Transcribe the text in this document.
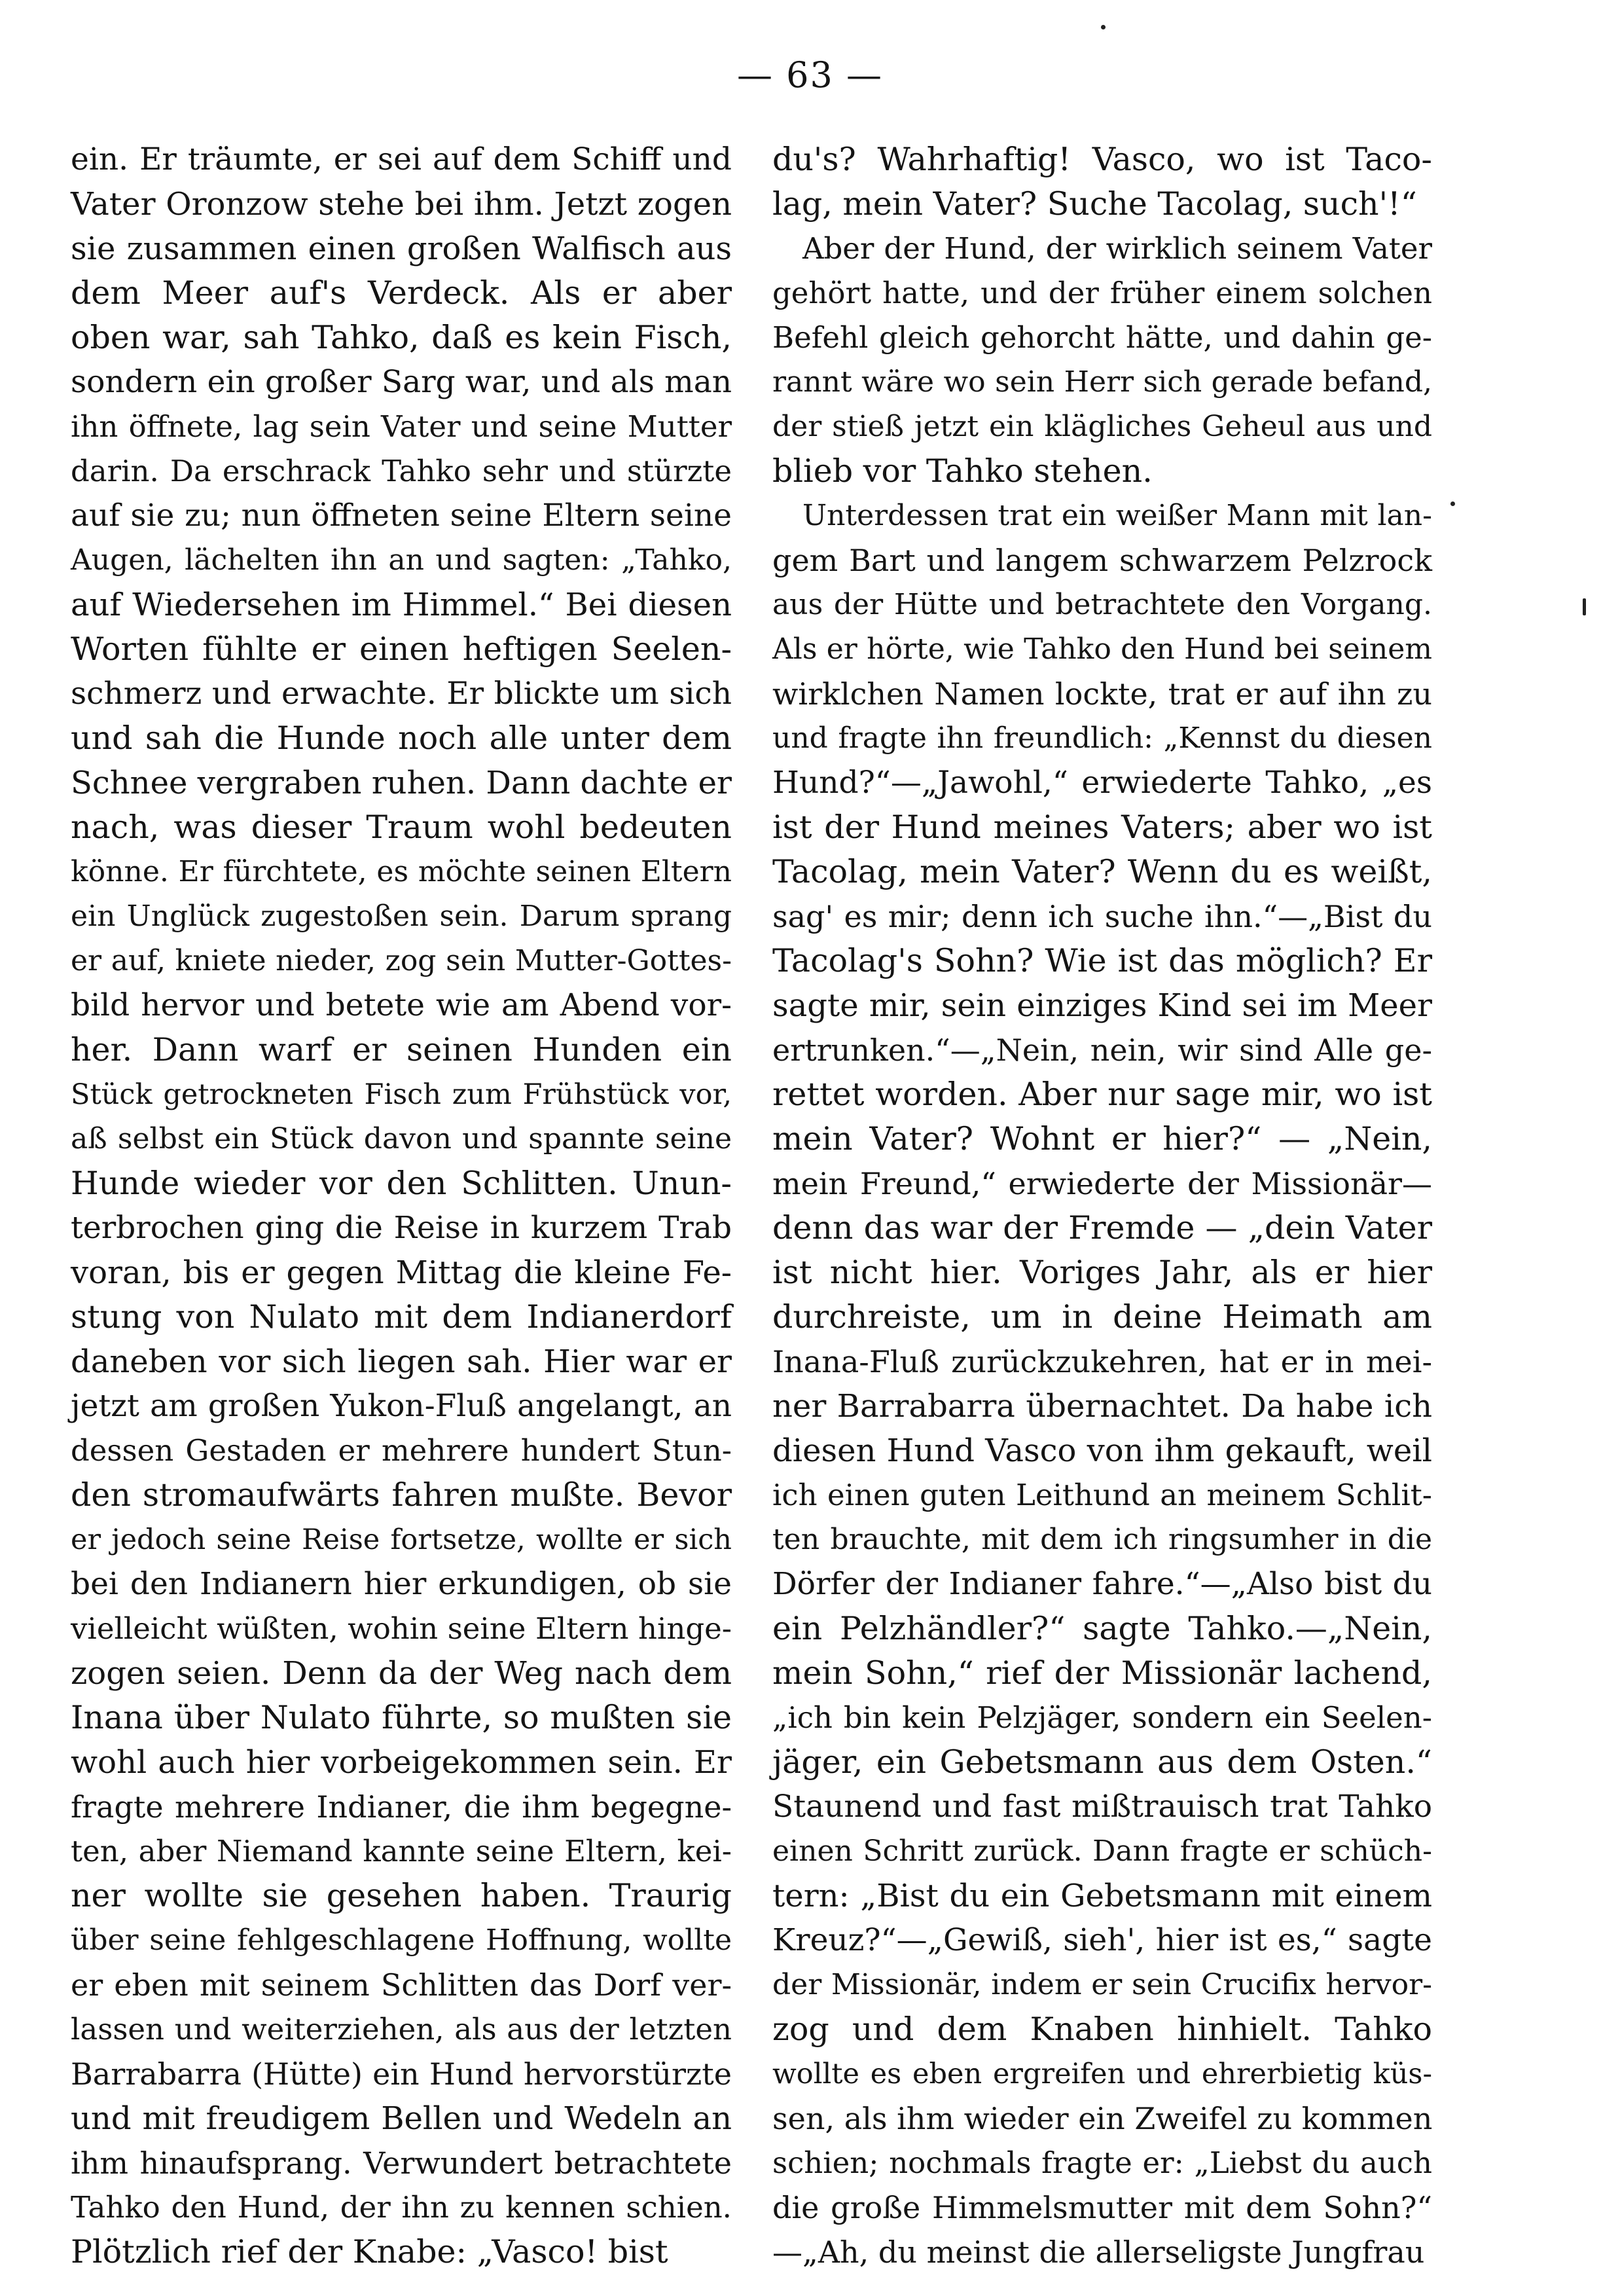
— 63 —
ein. Er träumte, er sei auf dem Schiff und
Vater Oronzow stehe bei ihm. Jetzt zogen
sie zusammen einen großen Walfisch aus
dem Meer auf's Verdeck. Als er aber
oben war, sah Tahko, daß es kein Fisch,
sondern ein großer Sarg war, und als man
ihn öffnete, lag sein Vater und seine Mutter
darin. Da erschrack Tahko sehr und stürzte
auf sie zu; nun öffneten seine Eltern seine
Augen, lächelten ihn an und sagten: „Tahko,
auf Wiedersehen im Himmel.“ Bei diesen
Worten fühlte er einen heftigen Seelen-
schmerz und erwachte. Er blickte um sich
und sah die Hunde noch alle unter dem
Schnee vergraben ruhen. Dann dachte er
nach, was dieser Traum wohl bedeuten
könne. Er fürchtete, es möchte seinen Eltern
ein Unglück zugestoßen sein. Darum sprang
er auf, kniete nieder, zog sein Mutter-Gottes-
bild hervor und betete wie am Abend vor-
her. Dann warf er seinen Hunden ein
Stück getrockneten Fisch zum Frühstück vor,
aß selbst ein Stück davon und spannte seine
Hunde wieder vor den Schlitten. Unun-
terbrochen ging die Reise in kurzem Trab
voran, bis er gegen Mittag die kleine Fe-
stung von Nulato mit dem Indianerdorf
daneben vor sich liegen sah. Hier war er
jetzt am großen Yukon-Fluß angelangt, an
dessen Gestaden er mehrere hundert Stun-
den stromaufwärts fahren mußte. Bevor
er jedoch seine Reise fortsetze, wollte er sich
bei den Indianern hier erkundigen, ob sie
vielleicht wüßten, wohin seine Eltern hinge-
zogen seien. Denn da der Weg nach dem
Inana über Nulato führte, so mußten sie
wohl auch hier vorbeigekommen sein. Er
fragte mehrere Indianer, die ihm begegne-
ten, aber Niemand kannte seine Eltern, kei-
ner wollte sie gesehen haben. Traurig
über seine fehlgeschlagene Hoffnung, wollte
er eben mit seinem Schlitten das Dorf ver-
lassen und weiterziehen, als aus der letzten
Barrabarra (Hütte) ein Hund hervorstürzte
und mit freudigem Bellen und Wedeln an
ihm hinaufsprang. Verwundert betrachtete
Tahko den Hund, der ihn zu kennen schien.
Plötzlich rief der Knabe: „Vasco! bist
du's? Wahrhaftig! Vasco, wo ist Taco-
lag, mein Vater? Suche Tacolag, such'!“
Aber der Hund, der wirklich seinem Vater
gehört hatte, und der früher einem solchen
Befehl gleich gehorcht hätte, und dahin ge-
rannt wäre wo sein Herr sich gerade befand,
der stieß jetzt ein klägliches Geheul aus und
blieb vor Tahko stehen.
Unterdessen trat ein weißer Mann mit lan-
gem Bart und langem schwarzem Pelzrock
aus der Hütte und betrachtete den Vorgang.
Als er hörte, wie Tahko den Hund bei seinem
wirklchen Namen lockte, trat er auf ihn zu
und fragte ihn freundlich: „Kennst du diesen
Hund?“—„Jawohl,“ erwiederte Tahko, „es
ist der Hund meines Vaters; aber wo ist
Tacolag, mein Vater? Wenn du es weißt,
sag' es mir; denn ich suche ihn.“—„Bist du
Tacolag's Sohn? Wie ist das möglich? Er
sagte mir, sein einziges Kind sei im Meer
ertrunken.“—„Nein, nein, wir sind Alle ge-
rettet worden. Aber nur sage mir, wo ist
mein Vater? Wohnt er hier?“ — „Nein,
mein Freund,“ erwiederte der Missionär—
denn das war der Fremde — „dein Vater
ist nicht hier. Voriges Jahr, als er hier
durchreiste, um in deine Heimath am
Inana-Fluß zurückzukehren, hat er in mei-
ner Barrabarra übernachtet. Da habe ich
diesen Hund Vasco von ihm gekauft, weil
ich einen guten Leithund an meinem Schlit-
ten brauchte, mit dem ich ringsumher in die
Dörfer der Indianer fahre.“—„Also bist du
ein Pelzhändler?“ sagte Tahko.—„Nein,
mein Sohn,“ rief der Missionär lachend,
„ich bin kein Pelzjäger, sondern ein Seelen-
jäger, ein Gebetsmann aus dem Osten.“
Staunend und fast mißtrauisch trat Tahko
einen Schritt zurück. Dann fragte er schüch-
tern: „Bist du ein Gebetsmann mit einem
Kreuz?“—„Gewiß, sieh', hier ist es,“ sagte
der Missionär, indem er sein Crucifix hervor-
zog und dem Knaben hinhielt. Tahko
wollte es eben ergreifen und ehrerbietig küs-
sen, als ihm wieder ein Zweifel zu kommen
schien; nochmals fragte er: „Liebst du auch
die große Himmelsmutter mit dem Sohn?“
—„Ah, du meinst die allerseligste Jungfrau
